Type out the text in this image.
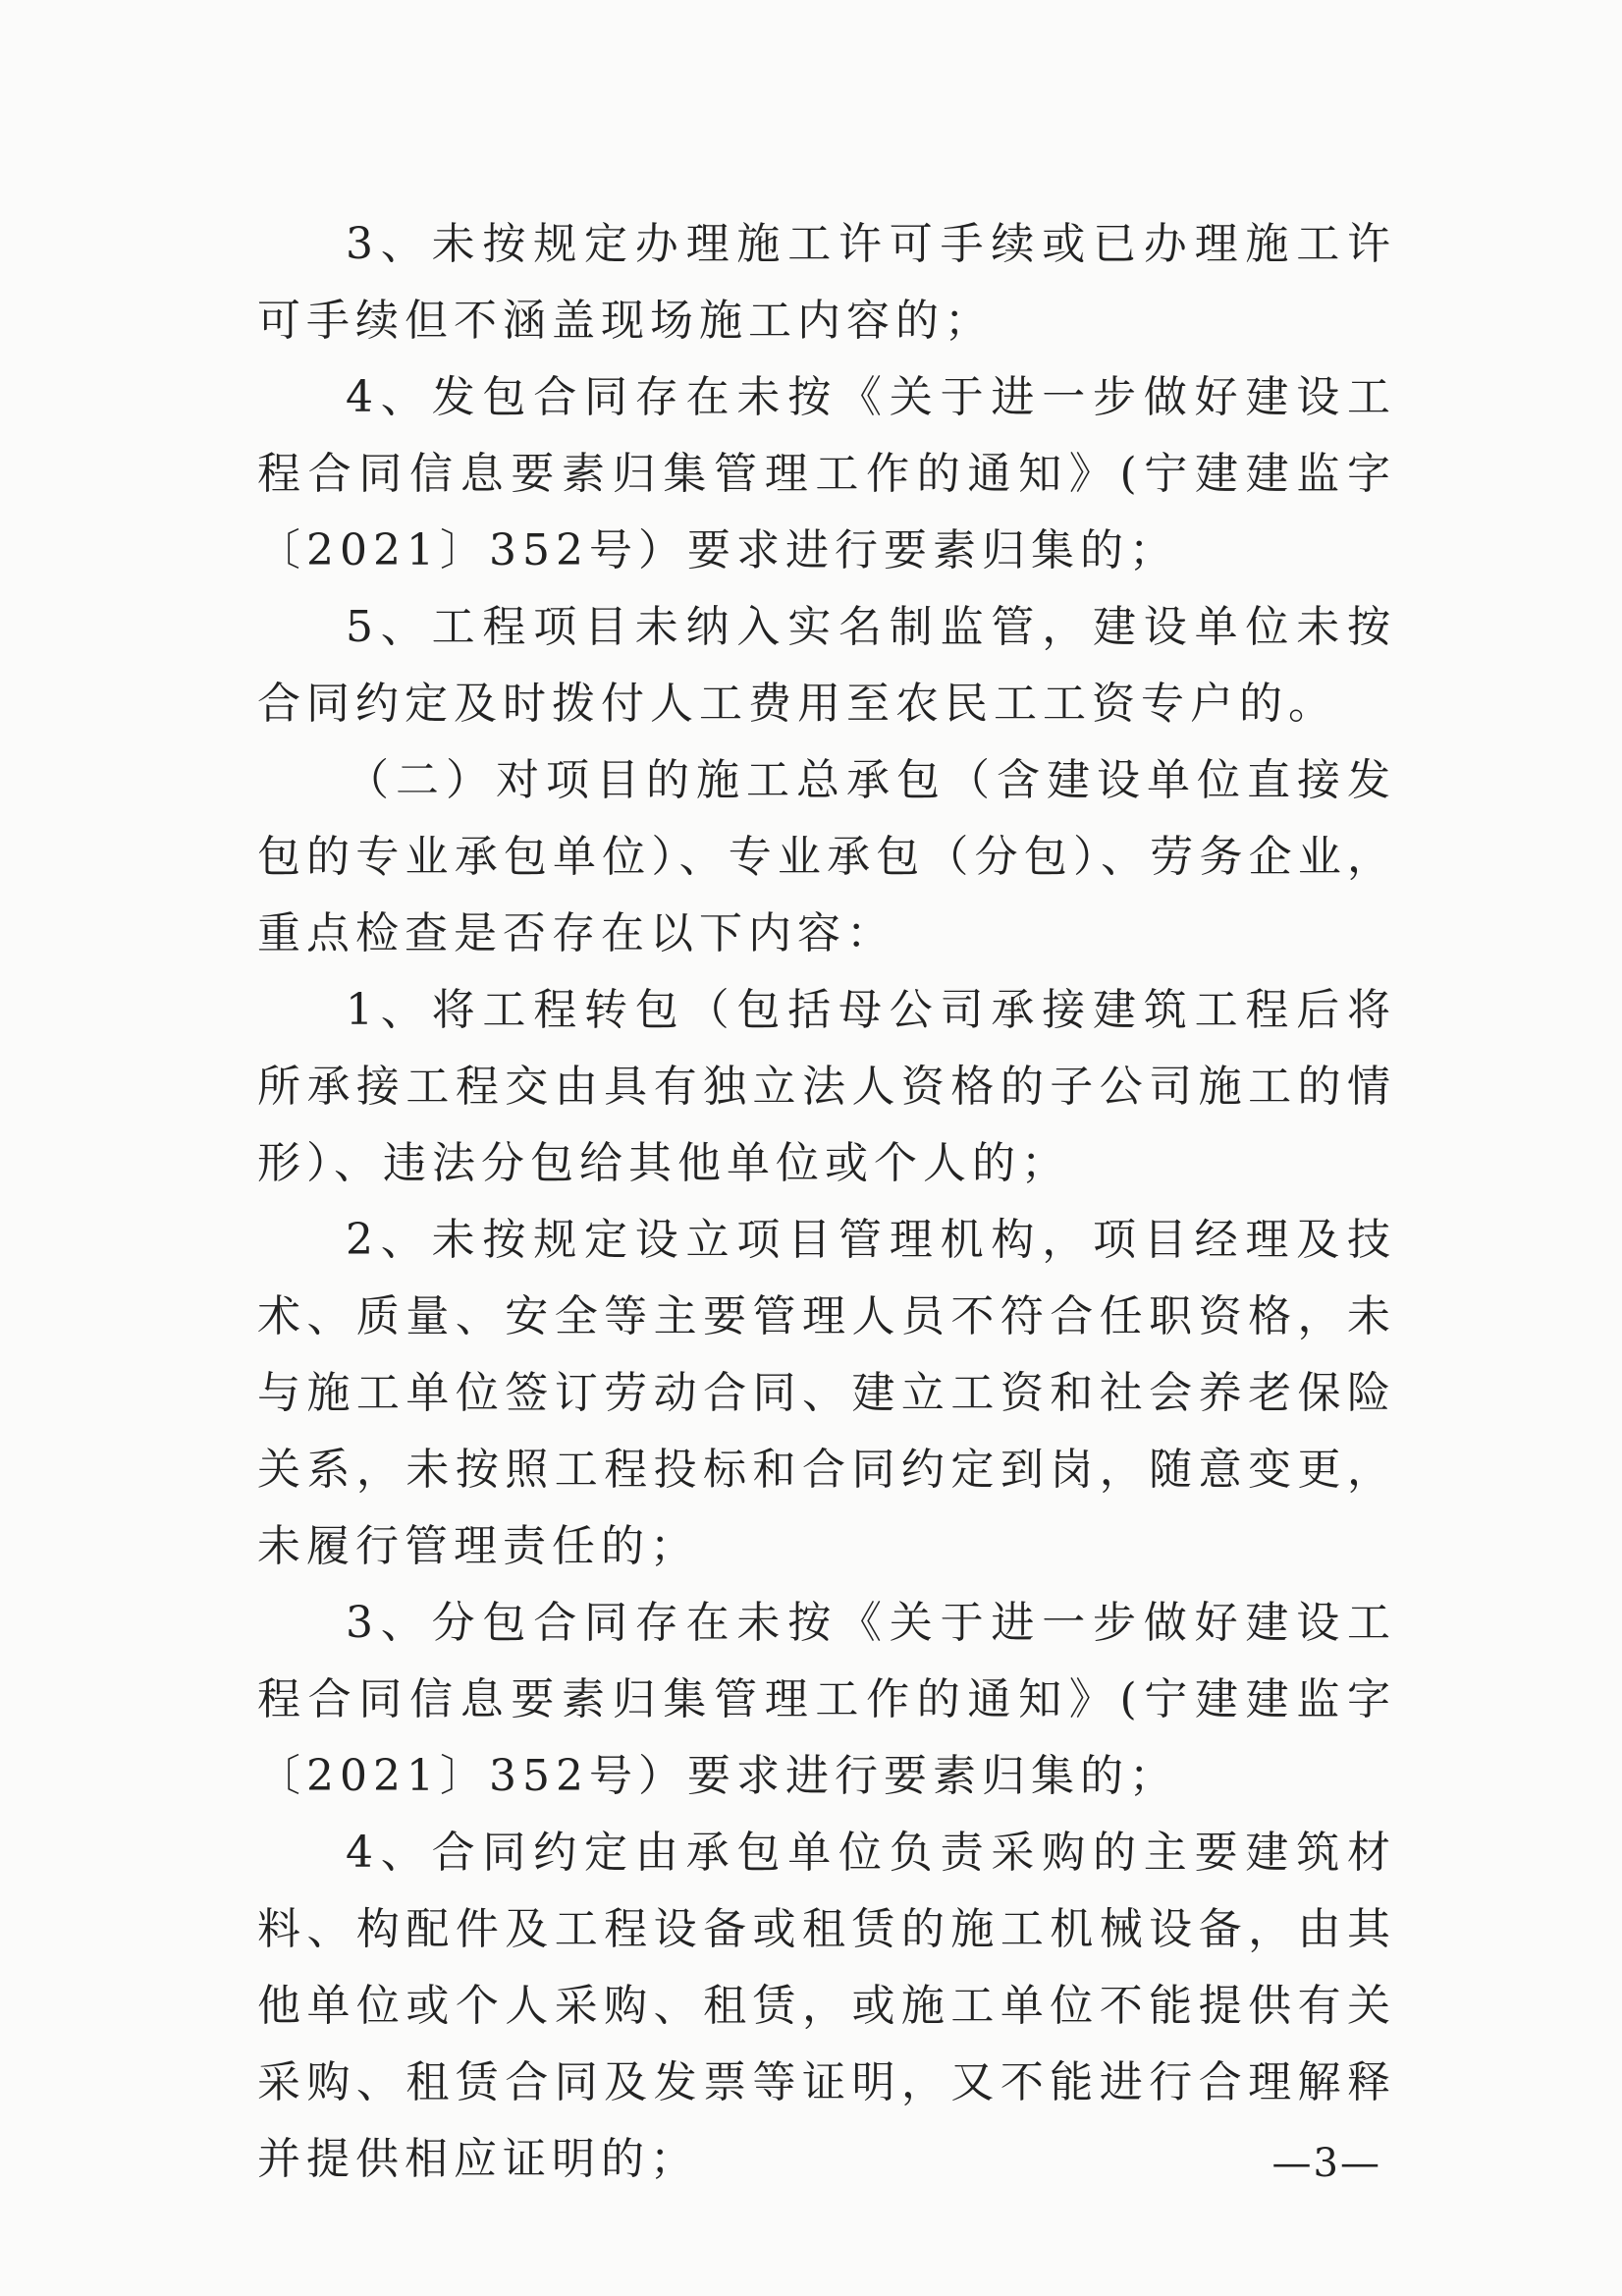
3、未按规定办理施工许可手续或已办理施工许可手续但不涵盖现场施工内容的；

4、发包合同存在未按《关于进一步做好建设工程合同信息要素归集管理工作的通知》(宁建建监字〔2021〕352号）要求进行要素归集的；

5、工程项目未纳入实名制监管，建设单位未按合同约定及时拨付人工费用至农民工工资专户的。

（二）对项目的施工总承包（含建设单位直接发包的专业承包单位）、专业承包（分包）、劳务企业，重点检查是否存在以下内容：

1、将工程转包（包括母公司承接建筑工程后将所承接工程交由具有独立法人资格的子公司施工的情形）、违法分包给其他单位或个人的；

2、未按规定设立项目管理机构，项目经理及技术、质量、安全等主要管理人员不符合任职资格，未与施工单位签订劳动合同、建立工资和社会养老保险关系，未按照工程投标和合同约定到岗，随意变更，未履行管理责任的；

3、分包合同存在未按《关于进一步做好建设工程合同信息要素归集管理工作的通知》(宁建建监字〔2021〕352号）要求进行要素归集的；

4、合同约定由承包单位负责采购的主要建筑材料、构配件及工程设备或租赁的施工机械设备，由其他单位或个人采购、租赁，或施工单位不能提供有关采购、租赁合同及发票等证明，又不能进行合理解释并提供相应证明的；	—3—
